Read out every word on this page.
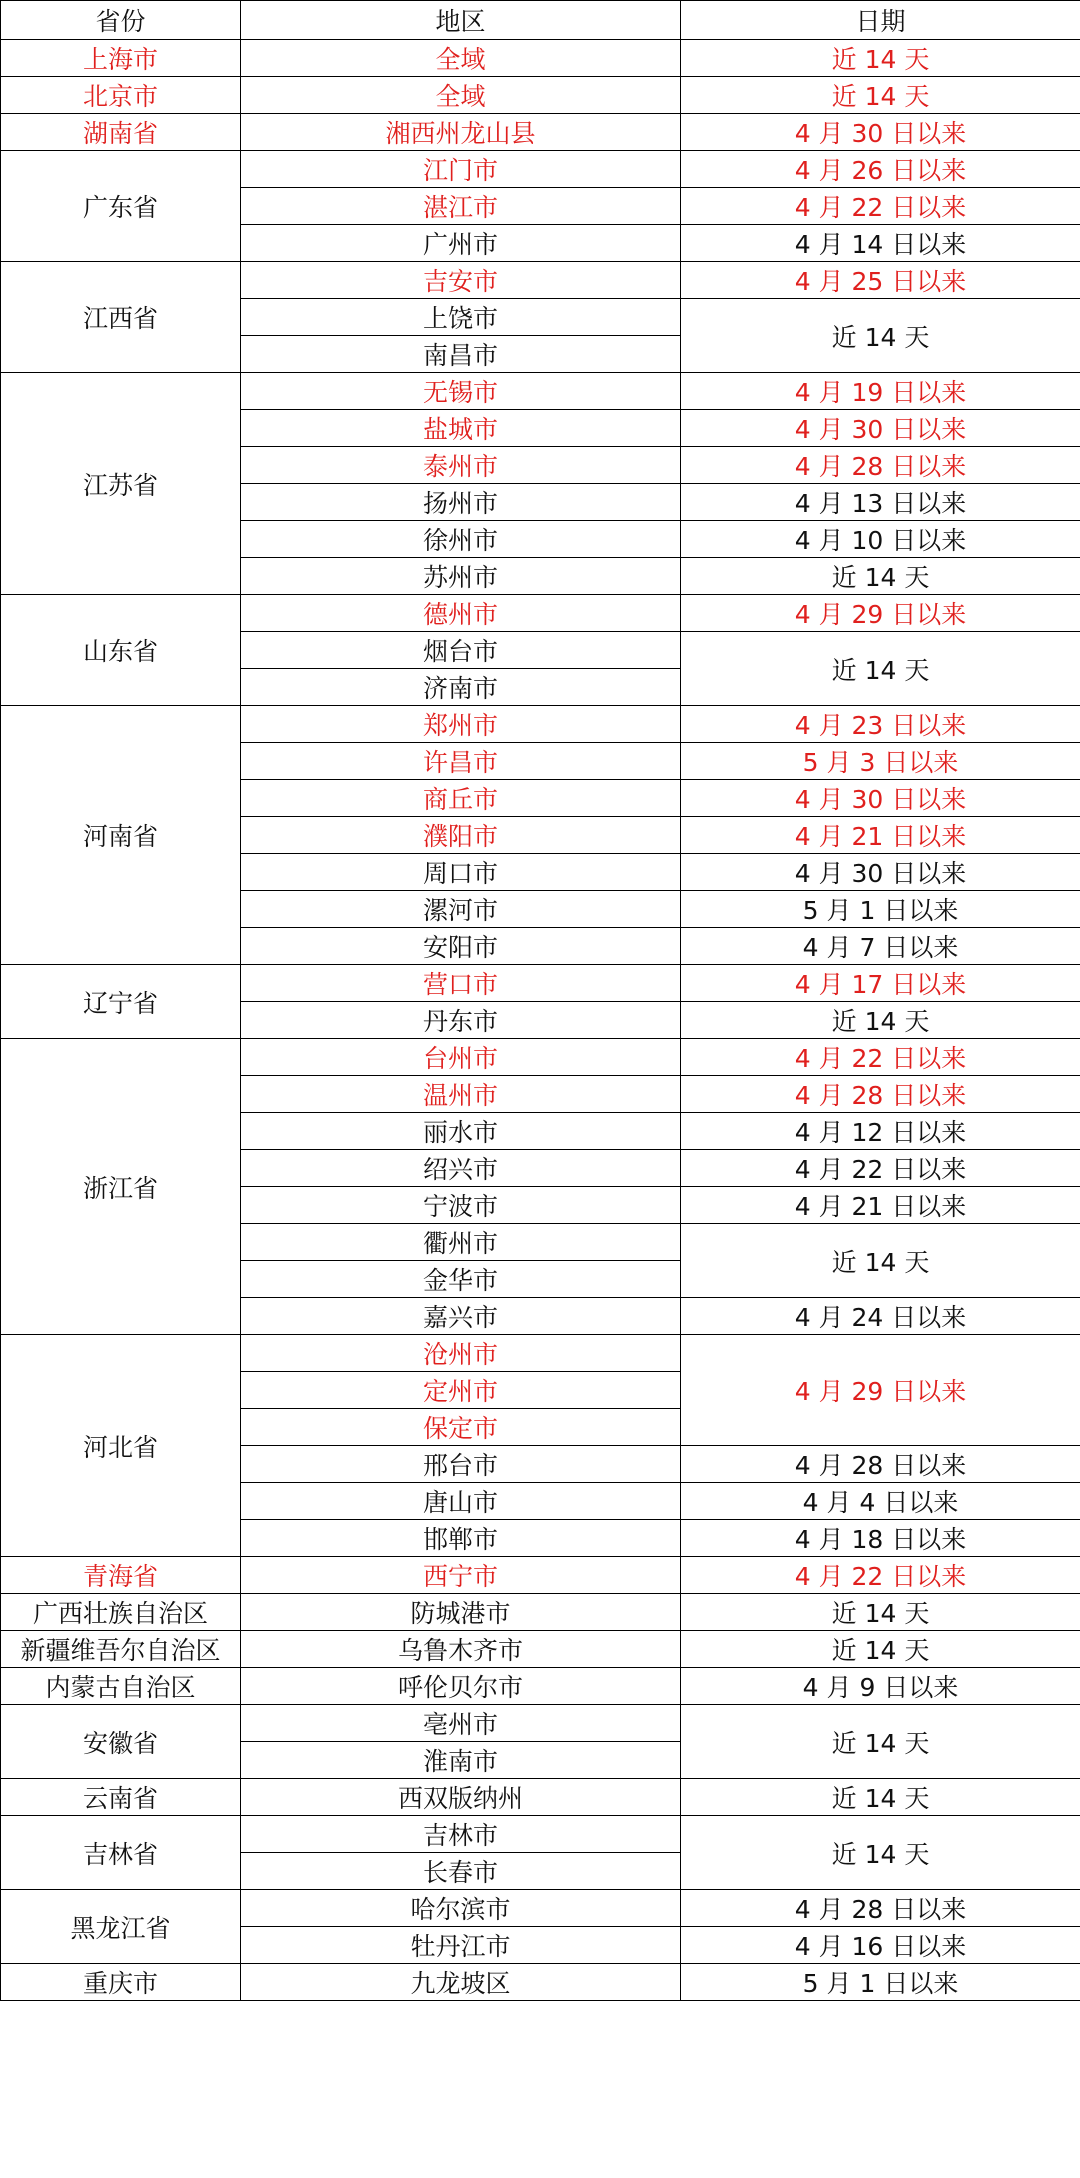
省份	地区	日期
上海市	全域	近 14 天
北京市	全域	近 14 天
湖南省	湘西州龙山县	4 月 30 日以来
广东省	江门市	4 月 26 日以来
	湛江市	4 月 22 日以来
	广州市	4 月 14 日以来
江西省	吉安市	4 月 25 日以来
	上饶市	近 14 天
	南昌市	
江苏省	无锡市	4 月 19 日以来
	盐城市	4 月 30 日以来
	泰州市	4 月 28 日以来
	扬州市	4 月 13 日以来
	徐州市	4 月 10 日以来
	苏州市	近 14 天
山东省	德州市	4 月 29 日以来
	烟台市	近 14 天
	济南市	
河南省	郑州市	4 月 23 日以来
	许昌市	5 月 3 日以来
	商丘市	4 月 30 日以来
	濮阳市	4 月 21 日以来
	周口市	4 月 30 日以来
	漯河市	5 月 1 日以来
	安阳市	4 月 7 日以来
辽宁省	营口市	4 月 17 日以来
	丹东市	近 14 天
浙江省	台州市	4 月 22 日以来
	温州市	4 月 28 日以来
	丽水市	4 月 12 日以来
	绍兴市	4 月 22 日以来
	宁波市	4 月 21 日以来
	衢州市	近 14 天
	金华市	
	嘉兴市	4 月 24 日以来
河北省	沧州市	4 月 29 日以来
	定州市	
	保定市	
	邢台市	4 月 28 日以来
	唐山市	4 月 4 日以来
	邯郸市	4 月 18 日以来
青海省	西宁市	4 月 22 日以来
广西壮族自治区	防城港市	近 14 天
新疆维吾尔自治区	乌鲁木齐市	近 14 天
内蒙古自治区	呼伦贝尔市	4 月 9 日以来
安徽省	亳州市	近 14 天
	淮南市	
云南省	西双版纳州	近 14 天
吉林省	吉林市	近 14 天
	长春市	
黑龙江省	哈尔滨市	4 月 28 日以来
	牡丹江市	4 月 16 日以来
重庆市	九龙坡区	5 月 1 日以来
